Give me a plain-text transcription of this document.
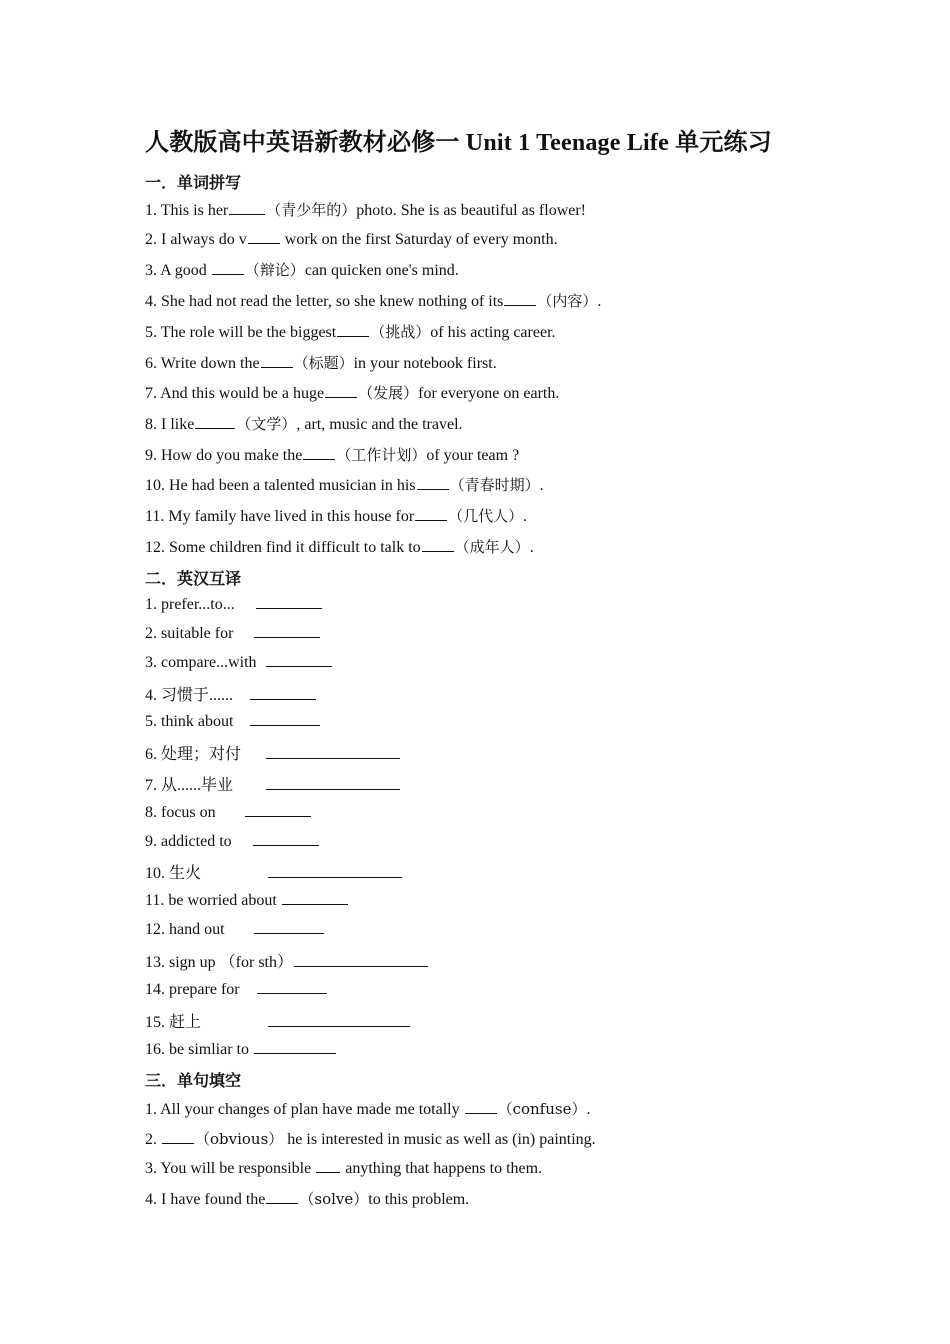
人教版高中英语新教材必修一 Unit 1 Teenage Life 单元练习
一．单词拼写
1. This is her	（青少年的）photo. She is as beautiful as flower!
2. I always do v work on the first Saturday of every month.
3. A good （辩论）can quicken one's mind.
4. She had not read the letter, so she knew nothing of its （内容）.
5. The role will be the biggest （挑战）of his acting career.
6. Write down the （标题）in your notebook first.
7. And this would be a huge （发展）for everyone on earth.
8. I like	（文学）, art, music and the travel.
9. How do you make the （工作计划）of your team ?
10. He had been a talented musician in his （青春时期）.
11. My family have lived in this house for （几代人）.
12. Some children find it difficult to talk to （成年人）.
二．英汉互译
1. prefer...to...
2. suitable for
3. compare...with
4. 习惯于......
5. think about
6. 处理；对付
7. 从......毕业
8. focus on
9. addicted to
10. 生火
11. be worried about
12. hand out
13. sign up （for sth）
14. prepare for
15. 赶上
16. be simliar to
三．单句填空
1. All your changes of plan have made me totally （confuse）.
2. （obvious） he is interested in music as well as (in) painting.
3. You will be responsible  anything that happens to them.
4. I have found the （solve）to this problem.
